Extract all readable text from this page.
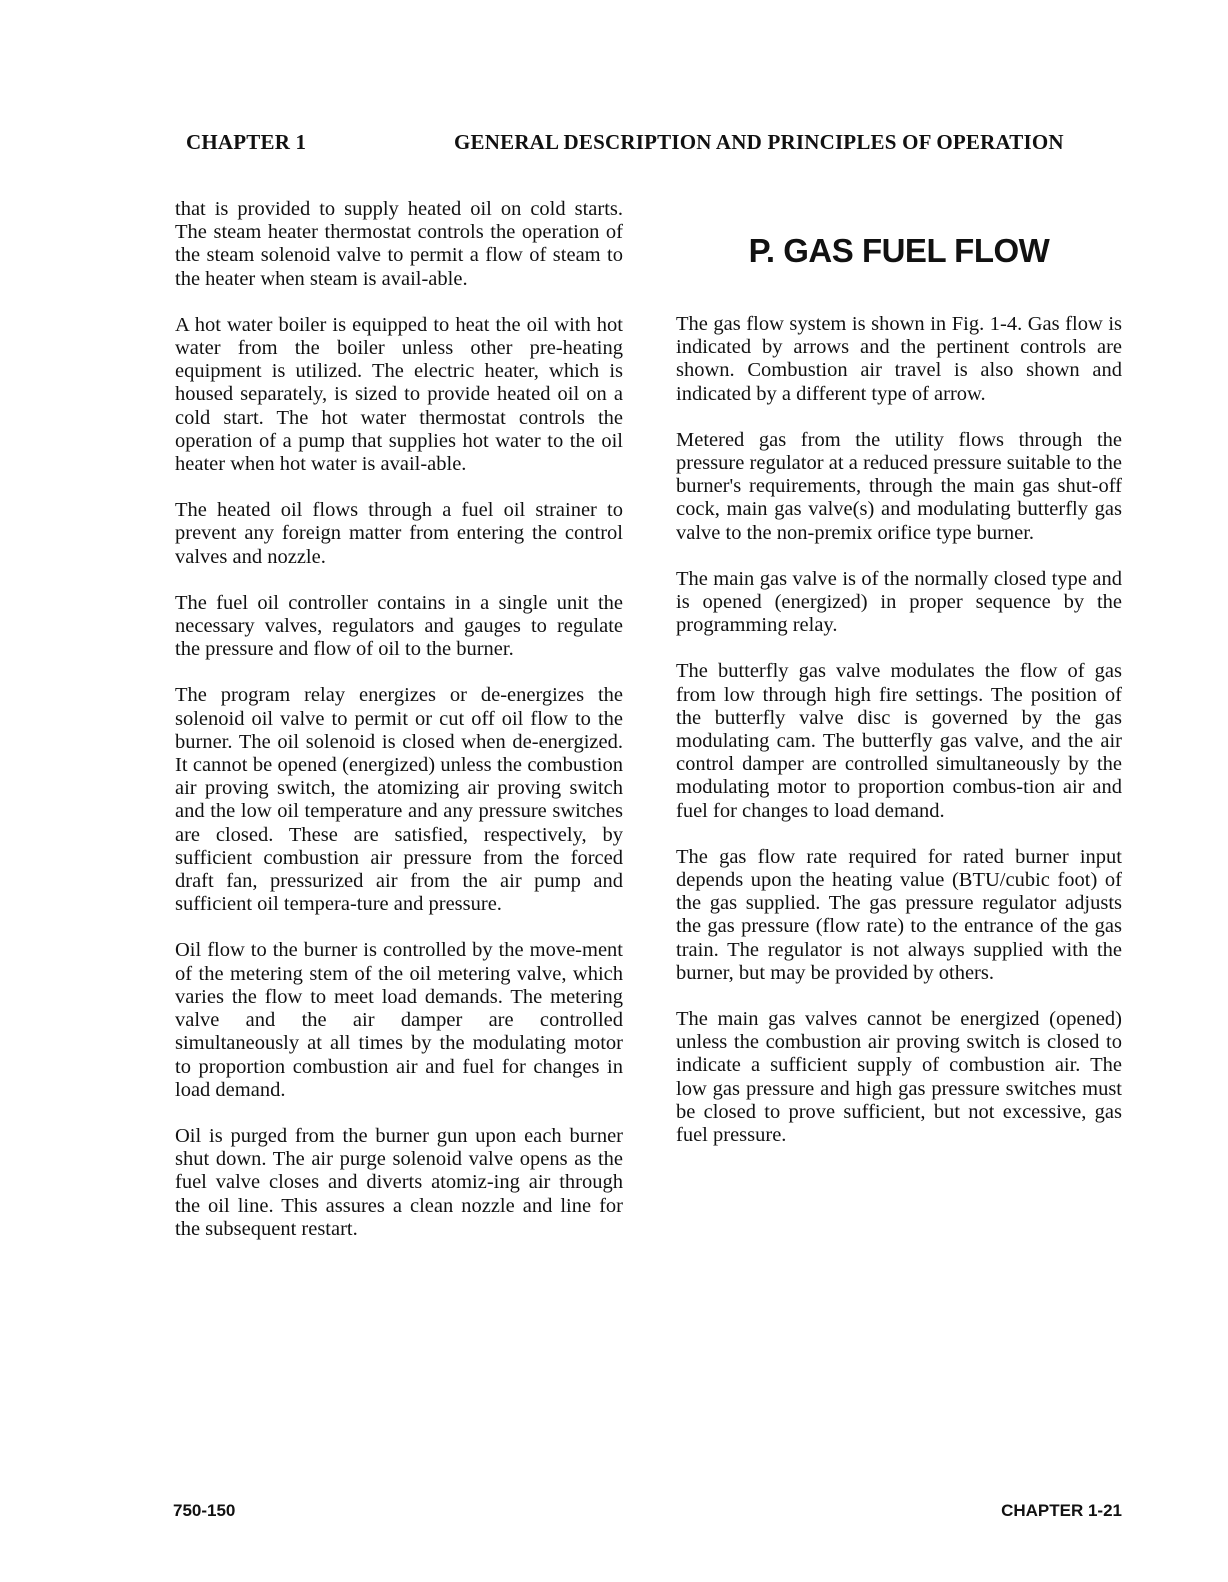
CHAPTER 1	GENERAL DESCRIPTION AND PRINCIPLES OF OPERATION

that is provided to supply heated oil on cold starts. The steam heater thermostat controls the operation of the steam solenoid valve to permit a flow of steam to the heater when steam is avail-able.

A hot water boiler is equipped to heat the oil with hot water from the boiler unless other pre-heating equipment is utilized. The electric heater, which is housed separately, is sized to provide heated oil on a cold start. The hot water thermostat controls the operation of a pump that supplies hot water to the oil heater when hot water is avail-able.

The heated oil flows through a fuel oil strainer to prevent any foreign matter from entering the control valves and nozzle.

The fuel oil controller contains in a single unit the necessary valves, regulators and gauges to regulate the pressure and flow of oil to the burner.

The program relay energizes or de-energizes the solenoid oil valve to permit or cut off oil flow to the burner. The oil solenoid is closed when de-energized. It cannot be opened (energized) unless the combustion air proving switch, the atomizing air proving switch and the low oil temperature and any pressure switches are closed. These are satisfied, respectively, by sufficient combustion air pressure from the forced draft fan, pressurized air from the air pump and sufficient oil tempera-ture and pressure.

Oil flow to the burner is controlled by the move-ment of the metering stem of the oil metering valve, which varies the flow to meet load demands. The metering valve and the air damper are controlled simultaneously at all times by the modulating motor to proportion combustion air and fuel for changes in load demand.

Oil is purged from the burner gun upon each burner shut down. The air purge solenoid valve opens as the fuel valve closes and diverts atomiz-ing air through the oil line. This assures a clean nozzle and line for the subsequent restart.

P. GAS FUEL FLOW

The gas flow system is shown in Fig. 1-4. Gas flow is indicated by arrows and the pertinent controls are shown. Combustion air travel is also shown and indicated by a different type of arrow.

Metered gas from the utility flows through the pressure regulator at a reduced pressure suitable to the burner's requirements, through the main gas shut-off cock, main gas valve(s) and modulating butterfly gas valve to the non-premix orifice type burner.

The main gas valve is of the normally closed type and is opened (energized) in proper sequence by the programming relay.

The butterfly gas valve modulates the flow of gas from low through high fire settings. The position of the butterfly valve disc is governed by the gas modulating cam. The butterfly gas valve, and the air control damper are controlled simultaneously by the modulating motor to proportion combus-tion air and fuel for changes to load demand.

The gas flow rate required for rated burner input depends upon the heating value (BTU/cubic foot) of the gas supplied. The gas pressure regulator adjusts the gas pressure (flow rate) to the entrance of the gas train. The regulator is not always supplied with the burner, but may be provided by others.

The main gas valves cannot be energized (opened) unless the combustion air proving switch is closed to indicate a sufficient supply of combustion air. The low gas pressure and high gas pressure switches must be closed to prove sufficient, but not excessive, gas fuel pressure.

750-150	CHAPTER 1-21
